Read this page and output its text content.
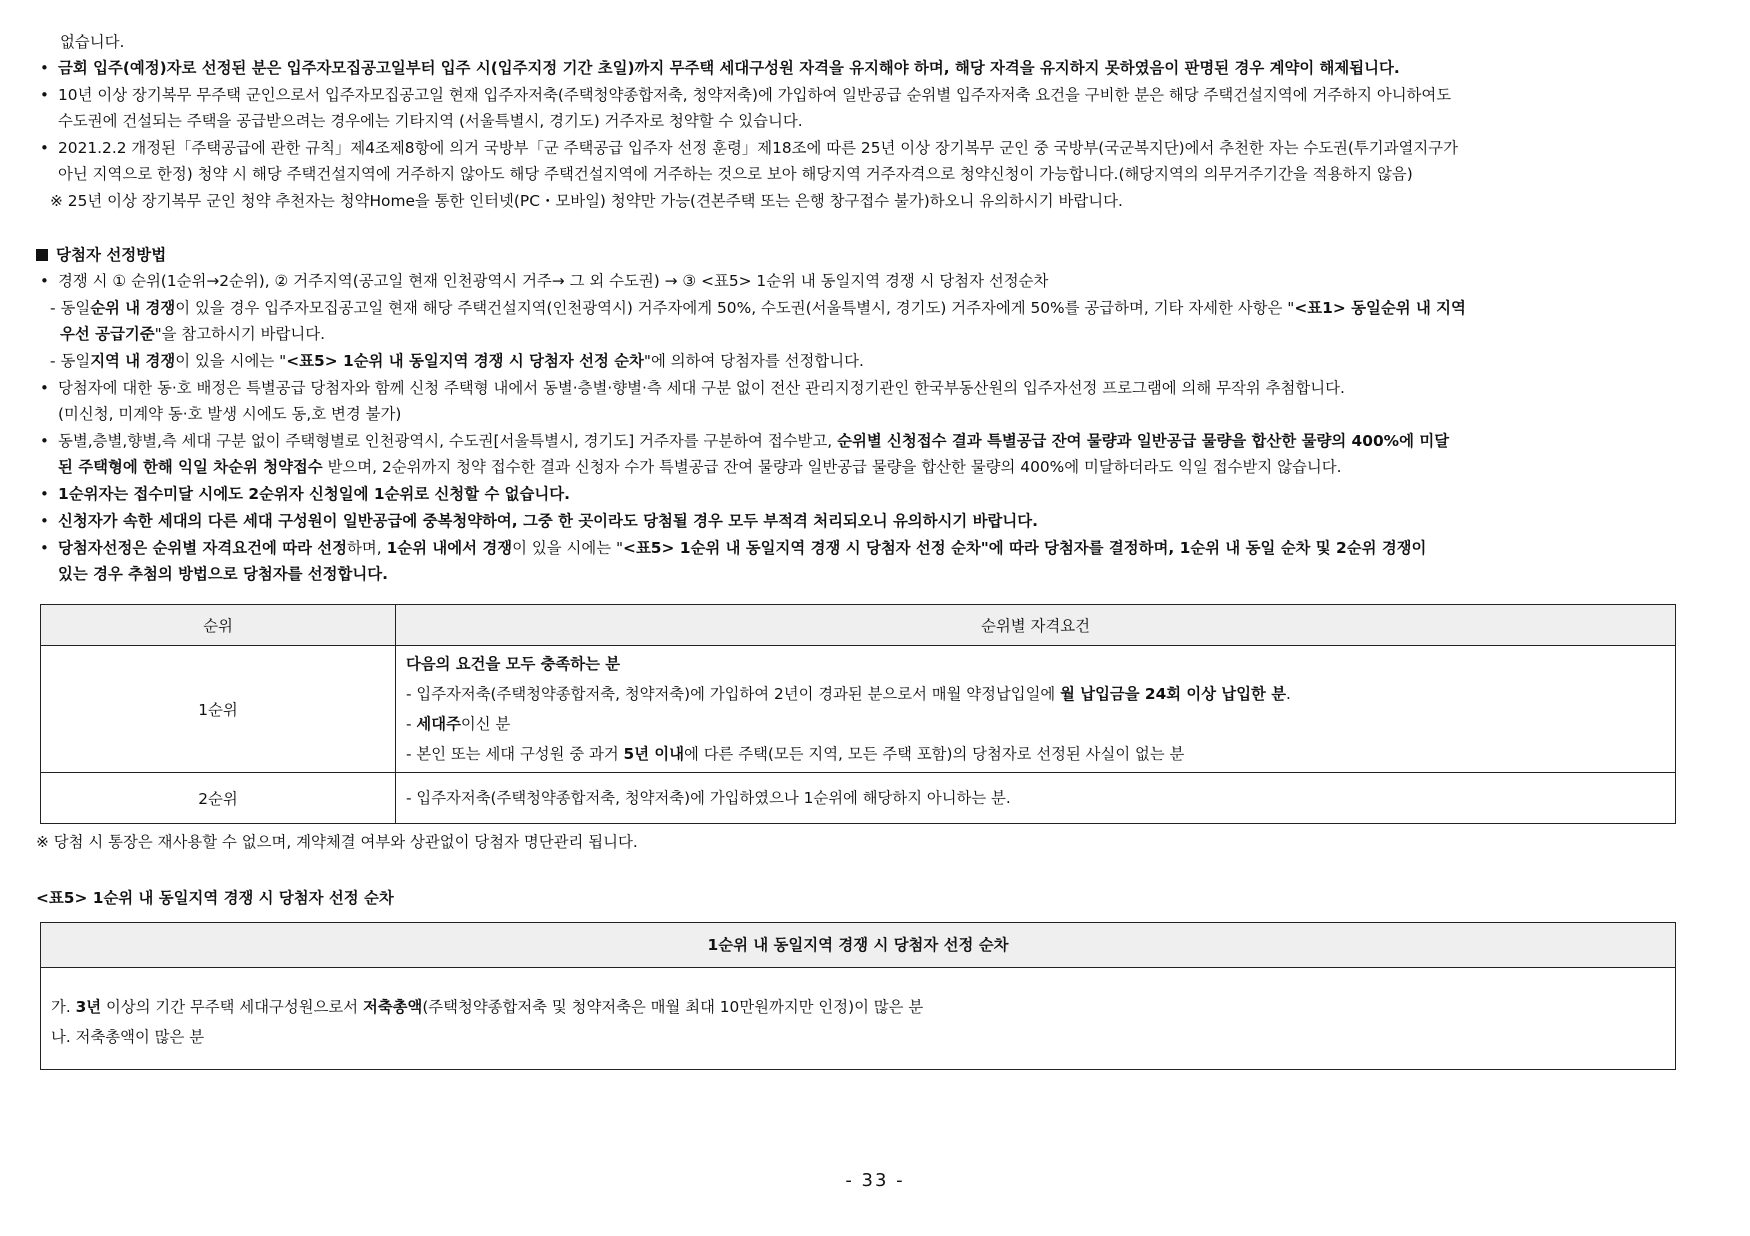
없습니다.
• 금회 입주(예정)자로 선정된 분은 입주자모집공고일부터 입주 시(입주지정 기간 초일)까지 무주택 세대구성원 자격을 유지해야 하며, 해당 자격을 유지하지 못하였음이 판명된 경우 계약이 해제됩니다.
• 10년 이상 장기복무 무주택 군인으로서 입주자모집공고일 현재 입주자저축(주택청약종합저축, 청약저축)에 가입하여 일반공급 순위별 입주자저축 요건을 구비한 분은 해당 주택건설지역에 거주하지 아니하여도
수도권에 건설되는 주택을 공급받으려는 경우에는 기타지역 (서울특별시, 경기도) 거주자로 청약할 수 있습니다.
• 2021.2.2 개정된「주택공급에 관한 규칙」제4조제8항에 의거 국방부「군 주택공급 입주자 선정 훈령」제18조에 따른 25년 이상 장기복무 군인 중 국방부(국군복지단)에서 추천한 자는 수도권(투기과열지구가
아닌 지역으로 한정) 청약 시 해당 주택건설지역에 거주하지 않아도 해당 주택건설지역에 거주하는 것으로 보아 해당지역 거주자격으로 청약신청이 가능합니다.(해당지역의 의무거주기간을 적용하지 않음)
※ 25년 이상 장기복무 군인 청약 추천자는 청약Home을 통한 인터넷(PC・모바일) 청약만 가능(견본주택 또는 은행 창구접수 불가)하오니 유의하시기 바랍니다.
당첨자 선정방법
• 경쟁 시 ① 순위(1순위→2순위), ② 거주지역(공고일 현재 인천광역시 거주→ 그 외 수도권) → ③ <표5> 1순위 내 동일지역 경쟁 시 당첨자 선정순차
- 동일순위 내 경쟁이 있을 경우 입주자모집공고일 현재 해당 주택건설지역(인천광역시) 거주자에게 50%, 수도권(서울특별시, 경기도) 거주자에게 50%를 공급하며, 기타 자세한 사항은 "<표1> 동일순위 내 지역
우선 공급기준"을 참고하시기 바랍니다.
- 동일지역 내 경쟁이 있을 시에는 "<표5> 1순위 내 동일지역 경쟁 시 당첨자 선정 순차"에 의하여 당첨자를 선정합니다.
• 당첨자에 대한 동·호 배정은 특별공급 당첨자와 함께 신청 주택형 내에서 동별·층별·향별·측 세대 구분 없이 전산 관리지정기관인 한국부동산원의 입주자선정 프로그램에 의해 무작위 추첨합니다.
(미신청, 미계약 동·호 발생 시에도 동,호 변경 불가)
• 동별,층별,향별,측 세대 구분 없이 주택형별로 인천광역시, 수도권[서울특별시, 경기도] 거주자를 구분하여 접수받고, 순위별 신청접수 결과 특별공급 잔여 물량과 일반공급 물량을 합산한 물량의 400%에 미달
된 주택형에 한해 익일 차순위 청약접수 받으며, 2순위까지 청약 접수한 결과 신청자 수가 특별공급 잔여 물량과 일반공급 물량을 합산한 물량의 400%에 미달하더라도 익일 접수받지 않습니다.
• 1순위자는 접수미달 시에도 2순위자 신청일에 1순위로 신청할 수 없습니다.
• 신청자가 속한 세대의 다른 세대 구성원이 일반공급에 중복청약하여, 그중 한 곳이라도 당첨될 경우 모두 부적격 처리되오니 유의하시기 바랍니다.
• 당첨자선정은 순위별 자격요건에 따라 선정하며, 1순위 내에서 경쟁이 있을 시에는 "<표5> 1순위 내 동일지역 경쟁 시 당첨자 선정 순차"에 따라 당첨자를 결정하며, 1순위 내 동일 순차 및 2순위 경쟁이
있는 경우 추첨의 방법으로 당첨자를 선정합니다.
순위	순위별 자격요건
1순위	다음의 요건을 모두 충족하는 분
- 입주자저축(주택청약종합저축, 청약저축)에 가입하여 2년이 경과된 분으로서 매월 약정납입일에 월 납입금을 24회 이상 납입한 분.
- 세대주이신 분
- 본인 또는 세대 구성원 중 과거 5년 이내에 다른 주택(모든 지역, 모든 주택 포함)의 당첨자로 선정된 사실이 없는 분

2순위	- 입주자저축(주택청약종합저축, 청약저축)에 가입하였으나 1순위에 해당하지 아니하는 분.
※ 당첨 시 통장은 재사용할 수 없으며, 계약체결 여부와 상관없이 당첨자 명단관리 됩니다.
<표5> 1순위 내 동일지역 경쟁 시 당첨자 선정 순차
1순위 내 동일지역 경쟁 시 당첨자 선정 순차
가. 3년 이상의 기간 무주택 세대구성원으로서 저축총액(주택청약종합저축 및 청약저축은 매월 최대 10만원까지만 인정)이 많은 분
나. 저축총액이 많은 분
- 33 -
